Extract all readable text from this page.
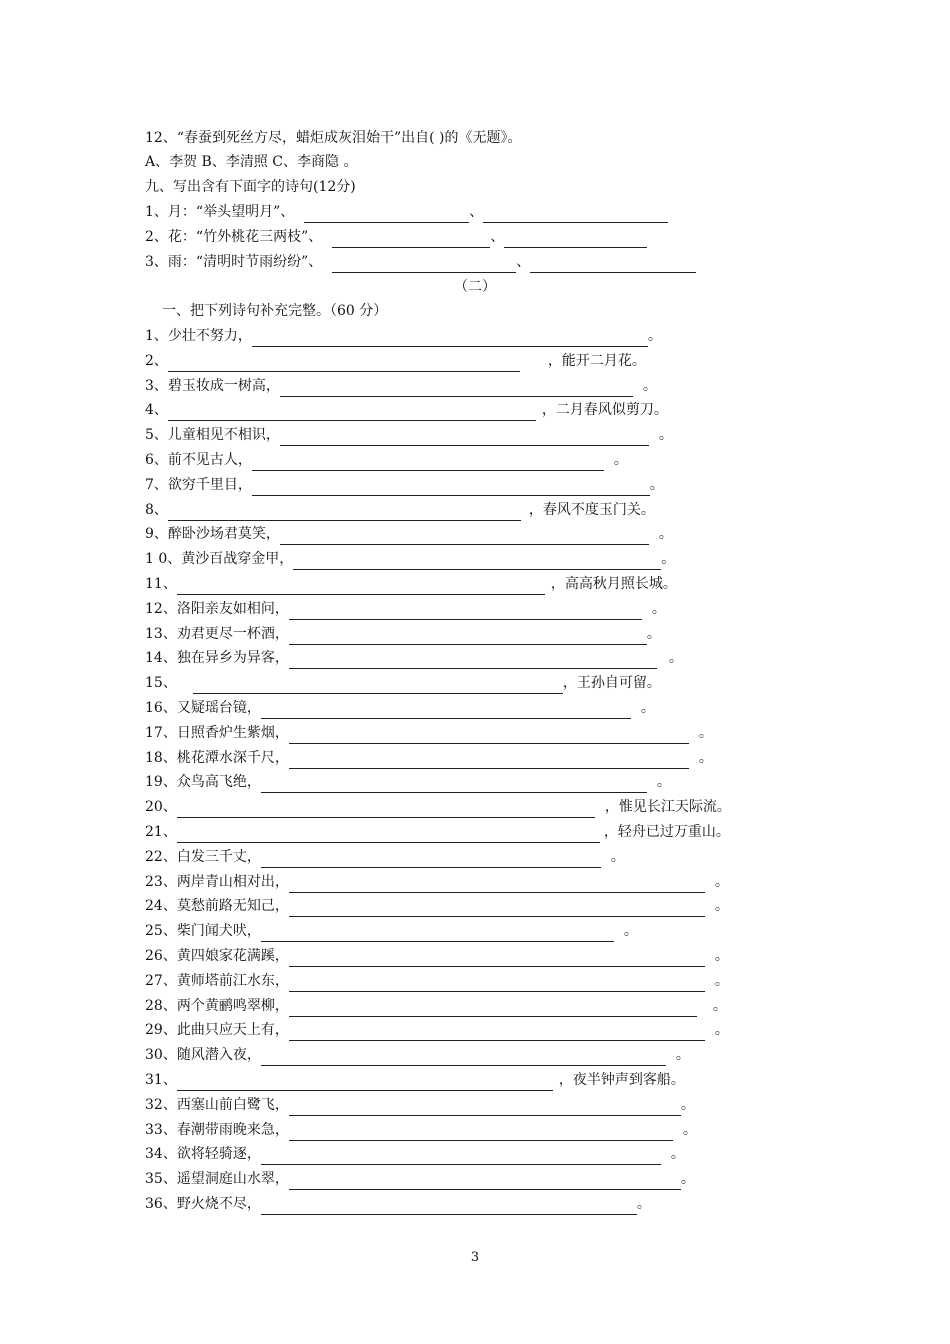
12、“春蚕到死丝方尽，蜡炬成灰泪始干”出自( )的《无题》。
A、李贺 B、李清照 C、李商隐 。
九、写出含有下面字的诗句(12分)
1、月：“举头望明月”、	、
2、花：“竹外桃花三两枝”、	、
3、雨：“清明时节雨纷纷”、	、
（二）
一、把下列诗句补充完整。（60 分）
1、少壮不努力，	。
2、	，能开二月花。
3、碧玉妆成一树高，	。
4、	，二月春风似剪刀。
5、儿童相见不相识，	。
6、前不见古人，	。
7、欲穷千里目，	。
8、	，春风不度玉门关。
9、醉卧沙场君莫笑，	。
1 0、黄沙百战穿金甲，	。
11、	，高高秋月照长城。
12、洛阳亲友如相问，	。
13、劝君更尽一杯酒，	。
14、独在异乡为异客，	。
15、	，王孙自可留。
16、又疑瑶台镜，	。
17、日照香炉生紫烟，	。
18、桃花潭水深千尺，	。
19、众鸟高飞绝，	。
20、	，惟见长江天际流。
21、	，轻舟已过万重山。
22、白发三千丈，	。
23、两岸青山相对出，	。
24、莫愁前路无知己，	。
25、柴门闻犬吠，	。
26、黄四娘家花满蹊，	。
27、黄师塔前江水东，	。
28、两个黄鹂鸣翠柳，	。
29、此曲只应天上有，	。
30、随风潜入夜，	。
31、	，夜半钟声到客船。
32、西塞山前白鹭飞，	。
33、春潮带雨晚来急，	。
34、欲将轻骑逐，	。
35、遥望洞庭山水翠，	。
36、野火烧不尽，	。
3
